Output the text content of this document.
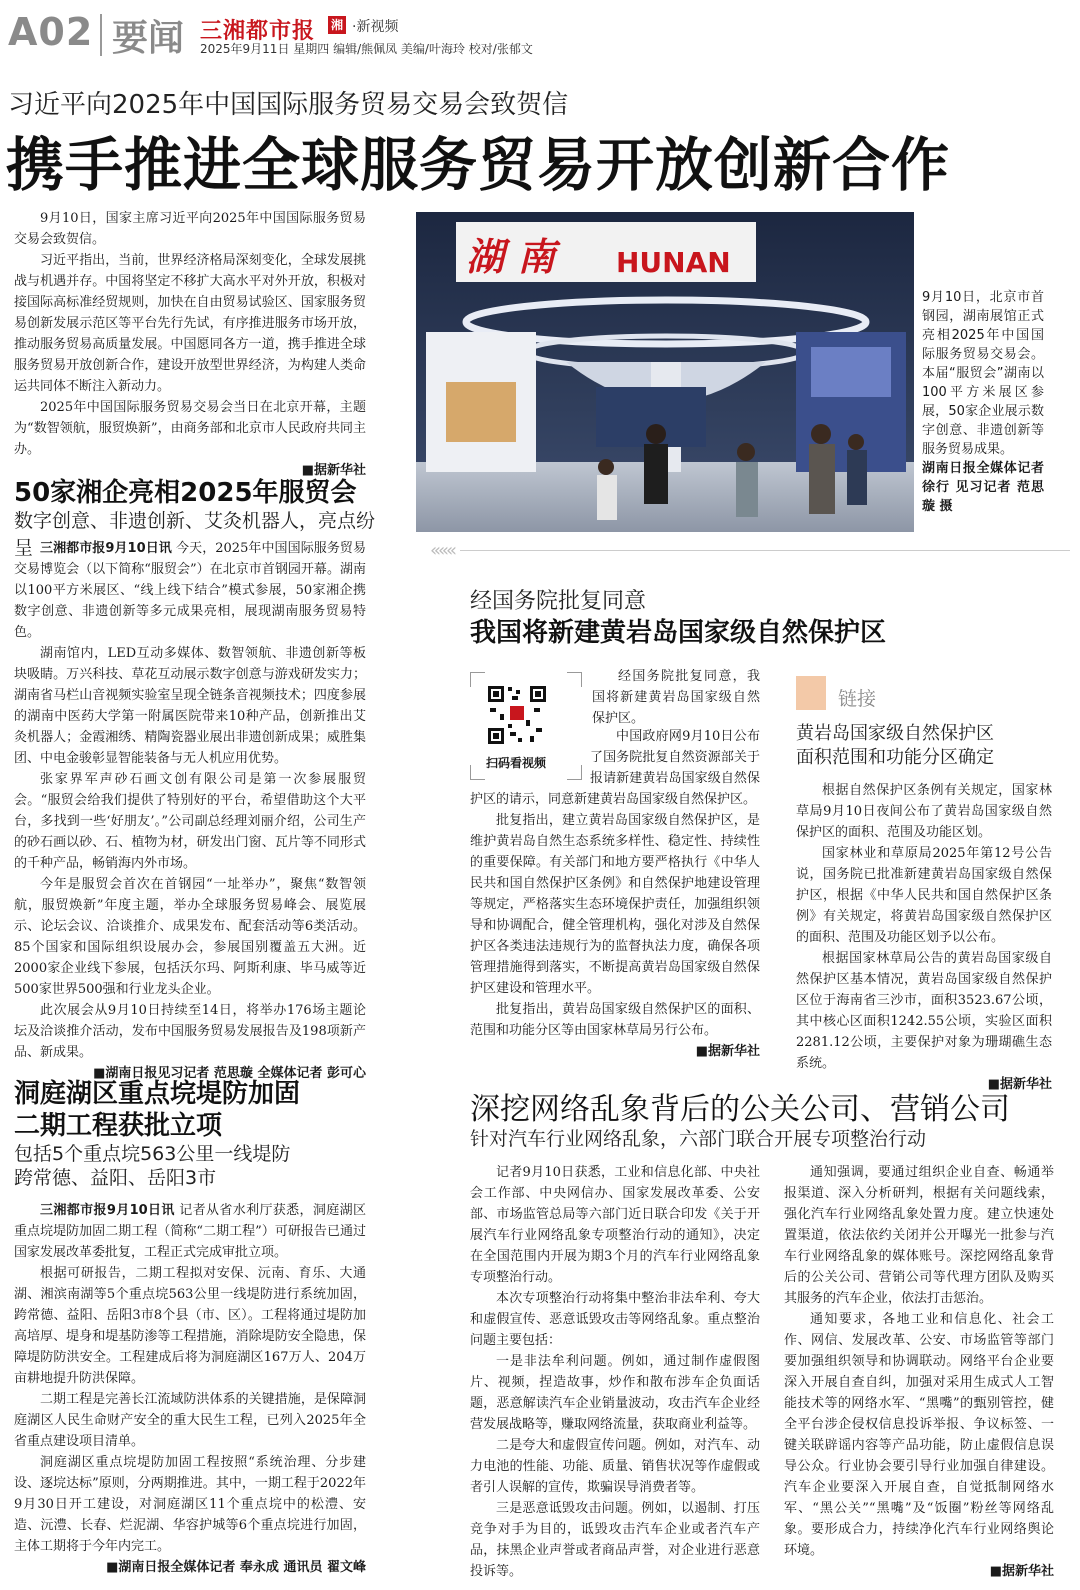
A02 要闻 三湘都市报 湘 ·新视频
2025年9月11日 星期四 编辑/熊佩凤 美编/叶海玲 校对/张郁文
习近平向2025年中国国际服务贸易交易会致贺信
携手推进全球服务贸易开放创新合作

9月10日，国家主席习近平向2025年中国国际服务贸易交易会致贺信。

习近平指出，当前，世界经济格局深刻变化，全球发展挑战与机遇并存。中国将坚定不移扩大高水平对外开放，积极对接国际高标准经贸规则，加快在自由贸易试验区、国家服务贸易创新发展示范区等平台先行先试，有序推进服务市场开放，推动服务贸易高质量发展。中国愿同各方一道，携手推进全球服务贸易开放创新合作，建设开放型世界经济，为构建人类命运共同体不断注入新动力。

2025年中国国际服务贸易交易会当日在北京开幕，主题为“数智领航，服贸焕新”，由商务部和北京市人民政府共同主办。

■据新华社
湖 南 HUNAN
9月10日，北京市首钢园，湖南展馆正式亮相2025年中国国际服务贸易交易会。本届“服贸会”湖南以100平方米展区参展，50家企业展示数字创意、非遗创新等服务贸易成果。
湖南日报全媒体记者 徐行 见习记者 范思璇 摄
«««
50家湘企亮相2025年服贸会
数字创意、非遗创新、艾灸机器人，亮点纷呈 三湘都市报9月10日讯 今天，2025年中国国际服务贸易交易博览会（以下简称“服贸会”）在北京市首钢园开幕。湖南以100平方米展区、“线上线下结合”模式参展，50家湘企携数字创意、非遗创新等多元成果亮相，展现湖南服务贸易特色。

湖南馆内，LED互动多媒体、数智领航、非遗创新等板块吸睛。万兴科技、草花互动展示数字创意与游戏研发实力；湖南省马栏山音视频实验室呈现全链条音视频技术；四度参展的湖南中医药大学第一附属医院带来10种产品，创新推出艾灸机器人；金霞湘绣、精陶瓷器业展出非遗创新成果；威胜集团、中电金骏彰显智能装备与无人机应用优势。

张家界军声砂石画文创有限公司是第一次参展服贸会。“服贸会给我们提供了特别好的平台，希望借助这个大平台，多找到一些‘好朋友’。”公司副总经理刘丽介绍，公司生产的砂石画以砂、石、植物为材，研发出门窗、瓦片等不同形式的千种产品，畅销海内外市场。

今年是服贸会首次在首钢园“一址举办”，聚焦“数智领航，服贸焕新”年度主题，举办全球服务贸易峰会、展览展示、论坛会议、洽谈推介、成果发布、配套活动等6类活动。85个国家和国际组织设展办会，参展国别覆盖五大洲。近2000家企业线下参展，包括沃尔玛、阿斯利康、毕马威等近500家世界500强和行业龙头企业。

此次展会从9月10日持续至14日，将举办176场主题论坛及洽谈推介活动，发布中国服务贸易发展报告及198项新产品、新成果。

■湖南日报见习记者 范思璇 全媒体记者 彭可心
经国务院批复同意
我国将新建黄岩岛国家级自然保护区
扫码看视频

经国务院批复同意，我国将新建黄岩岛国家级自然保护区。

中国政府网9月10日公布了国务院批复自然资源部关于报请新建黄岩岛国家级自然保护区的请示，同意新建黄岩岛国家级自然保护区。

批复指出，建立黄岩岛国家级自然保护区，是维护黄岩岛自然生态系统多样性、稳定性、持续性的重要保障。有关部门和地方要严格执行《中华人民共和国自然保护区条例》和自然保护地建设管理等规定，严格落实生态环境保护责任，加强组织领导和协调配合，健全管理机构，强化对涉及自然保护区各类违法违规行为的监督执法力度，确保各项管理措施得到落实，不断提高黄岩岛国家级自然保护区建设和管理水平。

批复指出，黄岩岛国家级自然保护区的面积、范围和功能分区等由国家林草局另行公布。

■据新华社
链接
黄岩岛国家级自然保护区
面积范围和功能分区确定

根据自然保护区条例有关规定，国家林草局9月10日夜间公布了黄岩岛国家级自然保护区的面积、范围及功能区划。

国家林业和草原局2025年第12号公告说，国务院已批准新建黄岩岛国家级自然保护区，根据《中华人民共和国自然保护区条例》有关规定，将黄岩岛国家级自然保护区的面积、范围及功能区划予以公布。

根据国家林草局公告的黄岩岛国家级自然保护区基本情况，黄岩岛国家级自然保护区位于海南省三沙市，面积3523.67公顷，其中核心区面积1242.55公顷，实验区面积2281.12公顷，主要保护对象为珊瑚礁生态系统。

■据新华社
洞庭湖区重点垸堤防加固
二期工程获批立项
包括5个重点垸563公里一线堤防
跨常德、益阳、岳阳3市

三湘都市报9月10日讯 记者从省水利厅获悉，洞庭湖区重点垸堤防加固二期工程（简称“二期工程”）可研报告已通过国家发展改革委批复，工程正式完成审批立项。

根据可研报告，二期工程拟对安保、沅南、育乐、大通湖、湘滨南湖等5个重点垸563公里一线堤防进行系统加固，跨常德、益阳、岳阳3市8个县（市、区）。工程将通过堤防加高培厚、堤身和堤基防渗等工程措施，消除堤防安全隐患，保障堤防防洪安全。工程建成后将为洞庭湖区167万人、204万亩耕地提升防洪保障。

二期工程是完善长江流域防洪体系的关键措施，是保障洞庭湖区人民生命财产安全的重大民生工程，已列入2025年全省重点建设项目清单。

洞庭湖区重点垸堤防加固工程按照“系统治理、分步建设、逐垸达标”原则，分两期推进。其中，一期工程于2022年9月30日开工建设，对洞庭湖区11个重点垸中的松澧、安造、沅澧、长春、烂泥湖、华容护城等6个重点垸进行加固，主体工期将于今年内完工。

■湖南日报全媒体记者 奉永成 通讯员 翟文峰
深挖网络乱象背后的公关公司、营销公司
针对汽车行业网络乱象，六部门联合开展专项整治行动

记者9月10日获悉，工业和信息化部、中央社会工作部、中央网信办、国家发展改革委、公安部、市场监管总局等六部门近日联合印发《关于开展汽车行业网络乱象专项整治行动的通知》，决定在全国范围内开展为期3个月的汽车行业网络乱象专项整治行动。

本次专项整治行动将集中整治非法牟利、夸大和虚假宣传、恶意诋毁攻击等网络乱象。重点整治问题主要包括：

一是非法牟利问题。例如，通过制作虚假图片、视频，捏造故事，炒作和散布涉车企负面话题，恶意解读汽车企业销量波动，攻击汽车企业经营发展战略等，赚取网络流量，获取商业利益等。

二是夸大和虚假宣传问题。例如，对汽车、动力电池的性能、功能、质量、销售状况等作虚假或者引人误解的宣传，欺骗误导消费者等。

三是恶意诋毁攻击问题。例如，以遏制、打压竞争对手为目的，诋毁攻击汽车企业或者汽车产品，抹黑企业声誉或者商品声誉，对企业进行恶意投诉等。

通知强调，要通过组织企业自查、畅通举报渠道、深入分析研判，根据有关问题线索，强化汽车行业网络乱象处置力度。建立快速处置渠道，依法依约关闭并公开曝光一批参与汽车行业网络乱象的媒体账号。深挖网络乱象背后的公关公司、营销公司等代理方团队及购买其服务的汽车企业，依法打击惩治。

通知要求，各地工业和信息化、社会工作、网信、发展改革、公安、市场监管等部门要加强组织领导和协调联动。网络平台企业要深入开展自查自纠，加强对采用生成式人工智能技术等的网络水军、“黑嘴”的甄别管控，健全平台涉企侵权信息投诉举报、争议标签、一键关联辟谣内容等产品功能，防止虚假信息误导公众。行业协会要引导行业加强自律建设。汽车企业要深入开展自查，自觉抵制网络水军、“黑公关”“黑嘴”及“饭圈”粉丝等网络乱象。要形成合力，持续净化汽车行业网络舆论环境。

■据新华社
